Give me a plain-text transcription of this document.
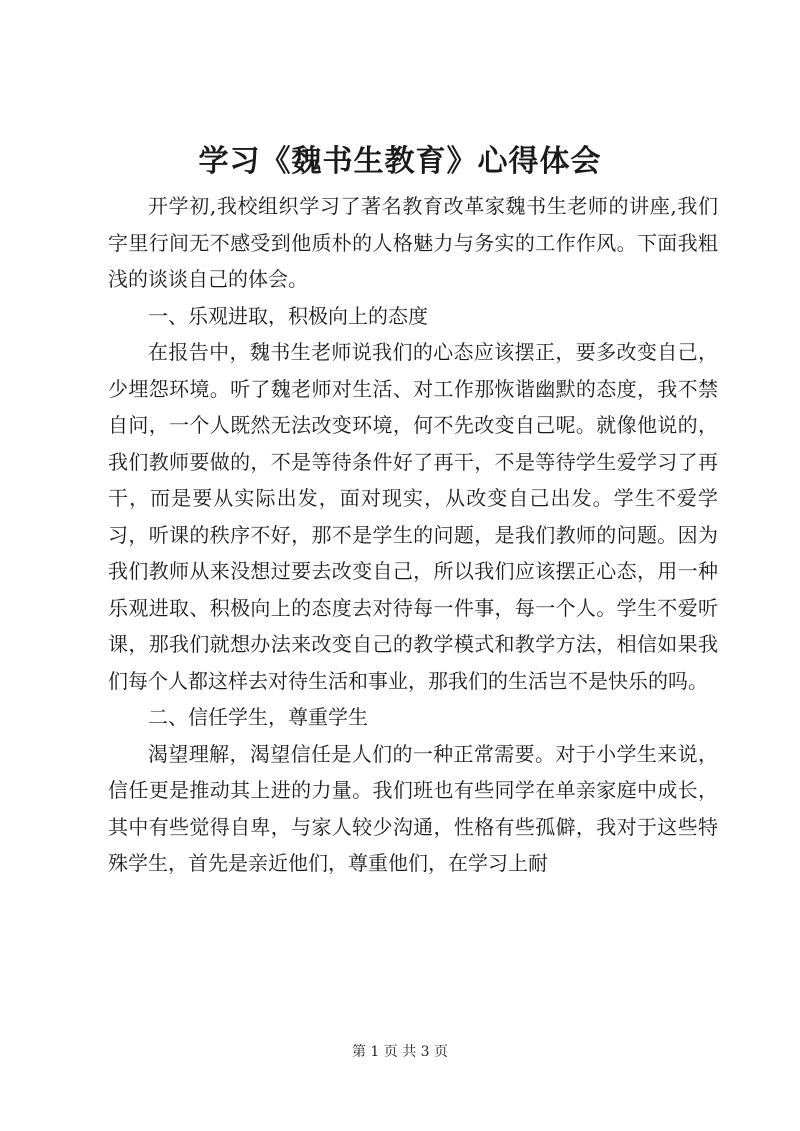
学习《魏书生教育》心得体会

开学初,我校组织学习了著名教育改革家魏书生老师的讲座,我们字里行间无不感受到他质朴的人格魅力与务实的工作作风。下面我粗浅的谈谈自己的体会。

一、乐观进取，积极向上的态度

在报告中，魏书生老师说我们的心态应该摆正，要多改变自己，少埋怨环境。听了魏老师对生活、对工作那恢谐幽默的态度，我不禁自问，一个人既然无法改变环境，何不先改变自己呢。就像他说的，我们教师要做的，不是等待条件好了再干，不是等待学生爱学习了再干，而是要从实际出发，面对现实，从改变自己出发。学生不爱学习，听课的秩序不好，那不是学生的问题，是我们教师的问题。因为我们教师从来没想过要去改变自己，所以我们应该摆正心态，用一种乐观进取、积极向上的态度去对待每一件事，每一个人。学生不爱听课，那我们就想办法来改变自己的教学模式和教学方法，相信如果我们每个人都这样去对待生活和事业，那我们的生活岂不是快乐的吗。

二、信任学生，尊重学生

渴望理解，渴望信任是人们的一种正常需要。对于小学生来说，信任更是推动其上进的力量。我们班也有些同学在单亲家庭中成长，其中有些觉得自卑，与家人较少沟通，性格有些孤僻，我对于这些特殊学生，首先是亲近他们，尊重他们，在学习上耐

第 1 页 共 3 页
